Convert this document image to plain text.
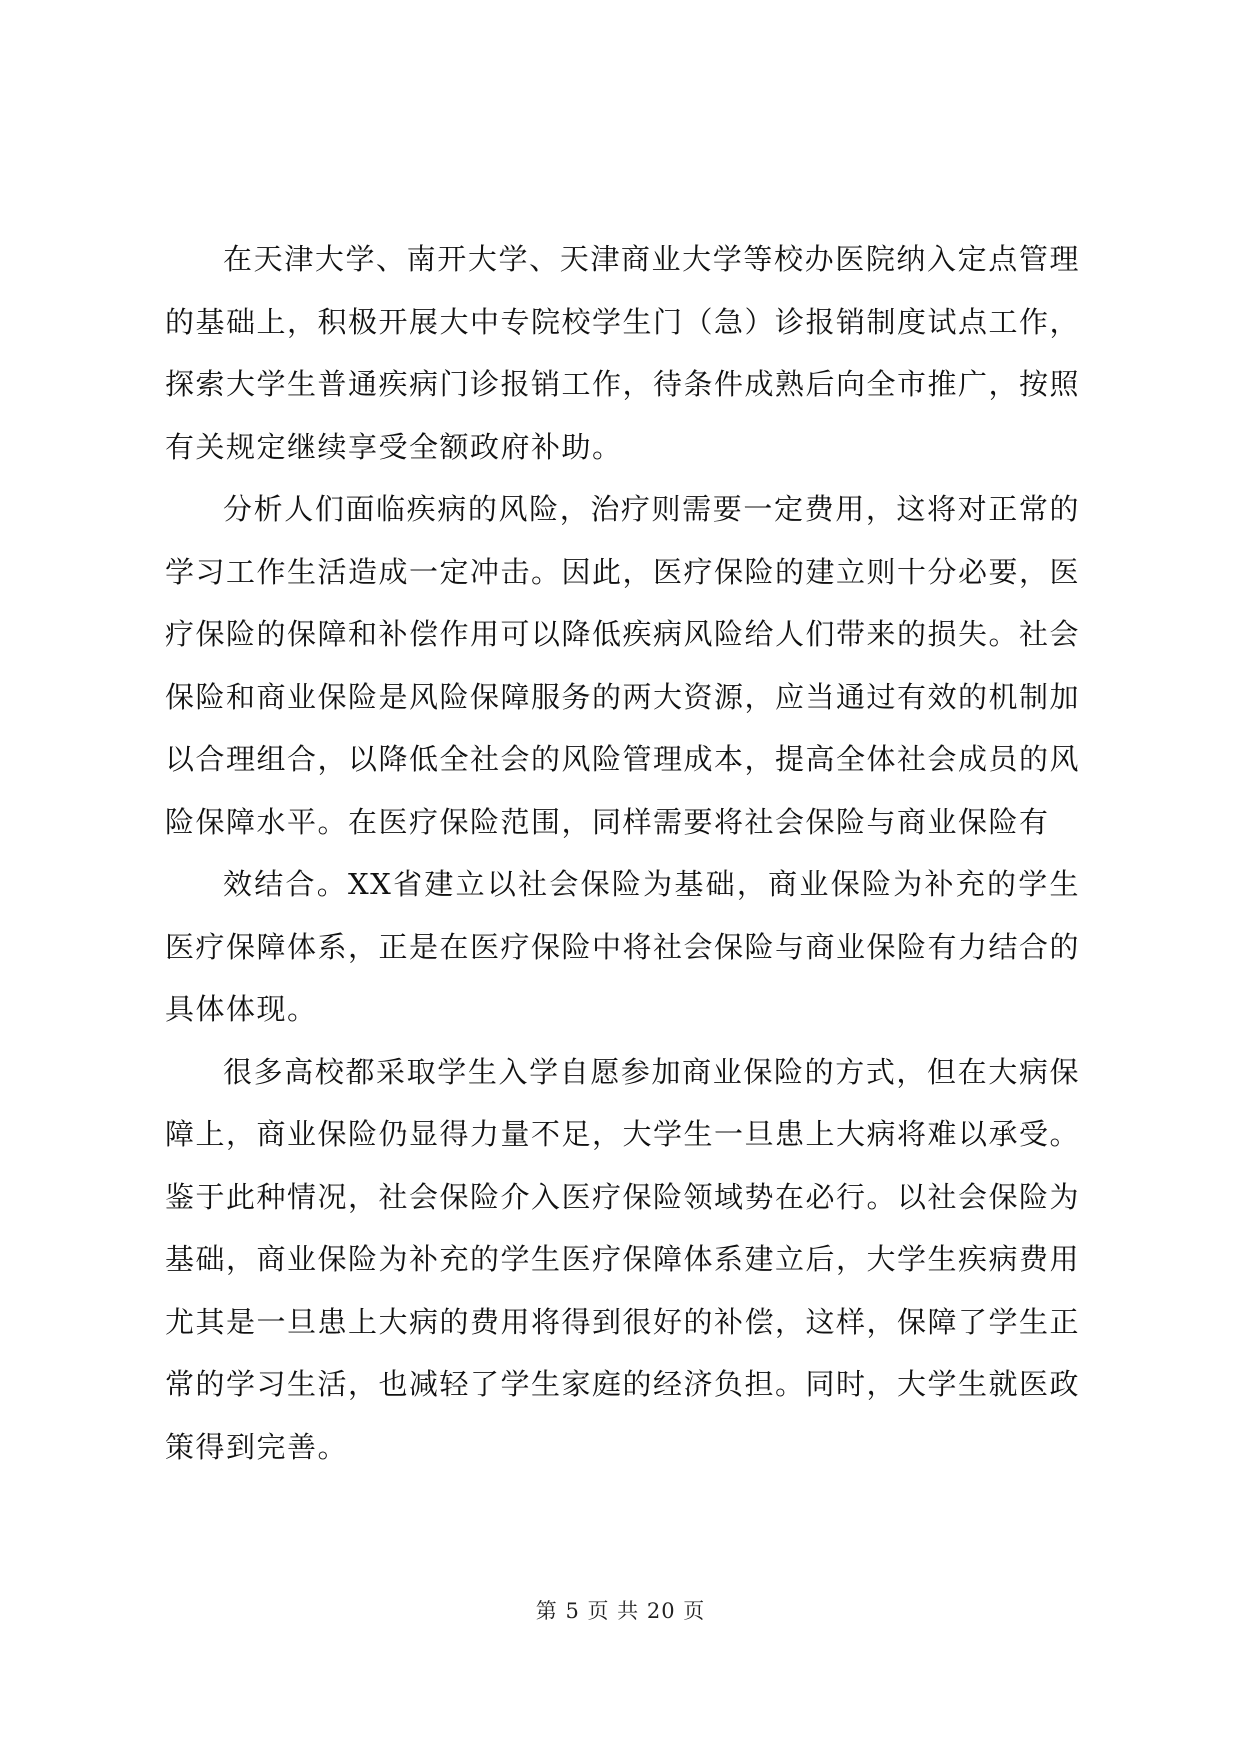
在天津大学、南开大学、天津商业大学等校办医院纳入定点管理的基础上，积极开展大中专院校学生门（急）诊报销制度试点工作，探索大学生普通疾病门诊报销工作，待条件成熟后向全市推广，按照有关规定继续享受全额政府补助。

分析人们面临疾病的风险，治疗则需要一定费用，这将对正常的学习工作生活造成一定冲击。因此，医疗保险的建立则十分必要，医疗保险的保障和补偿作用可以降低疾病风险给人们带来的损失。社会保险和商业保险是风险保障服务的两大资源，应当通过有效的机制加以合理组合，以降低全社会的风险管理成本，提高全体社会成员的风险保障水平。在医疗保险范围，同样需要将社会保险与商业保险有

效结合。XX省建立以社会保险为基础，商业保险为补充的学生医疗保障体系，正是在医疗保险中将社会保险与商业保险有力结合的具体体现。

很多高校都采取学生入学自愿参加商业保险的方式，但在大病保障上，商业保险仍显得力量不足，大学生一旦患上大病将难以承受。鉴于此种情况，社会保险介入医疗保险领域势在必行。以社会保险为基础，商业保险为补充的学生医疗保障体系建立后，大学生疾病费用尤其是一旦患上大病的费用将得到很好的补偿，这样，保障了学生正常的学习生活，也减轻了学生家庭的经济负担。同时，大学生就医政策得到完善。

第 5 页 共 20 页
